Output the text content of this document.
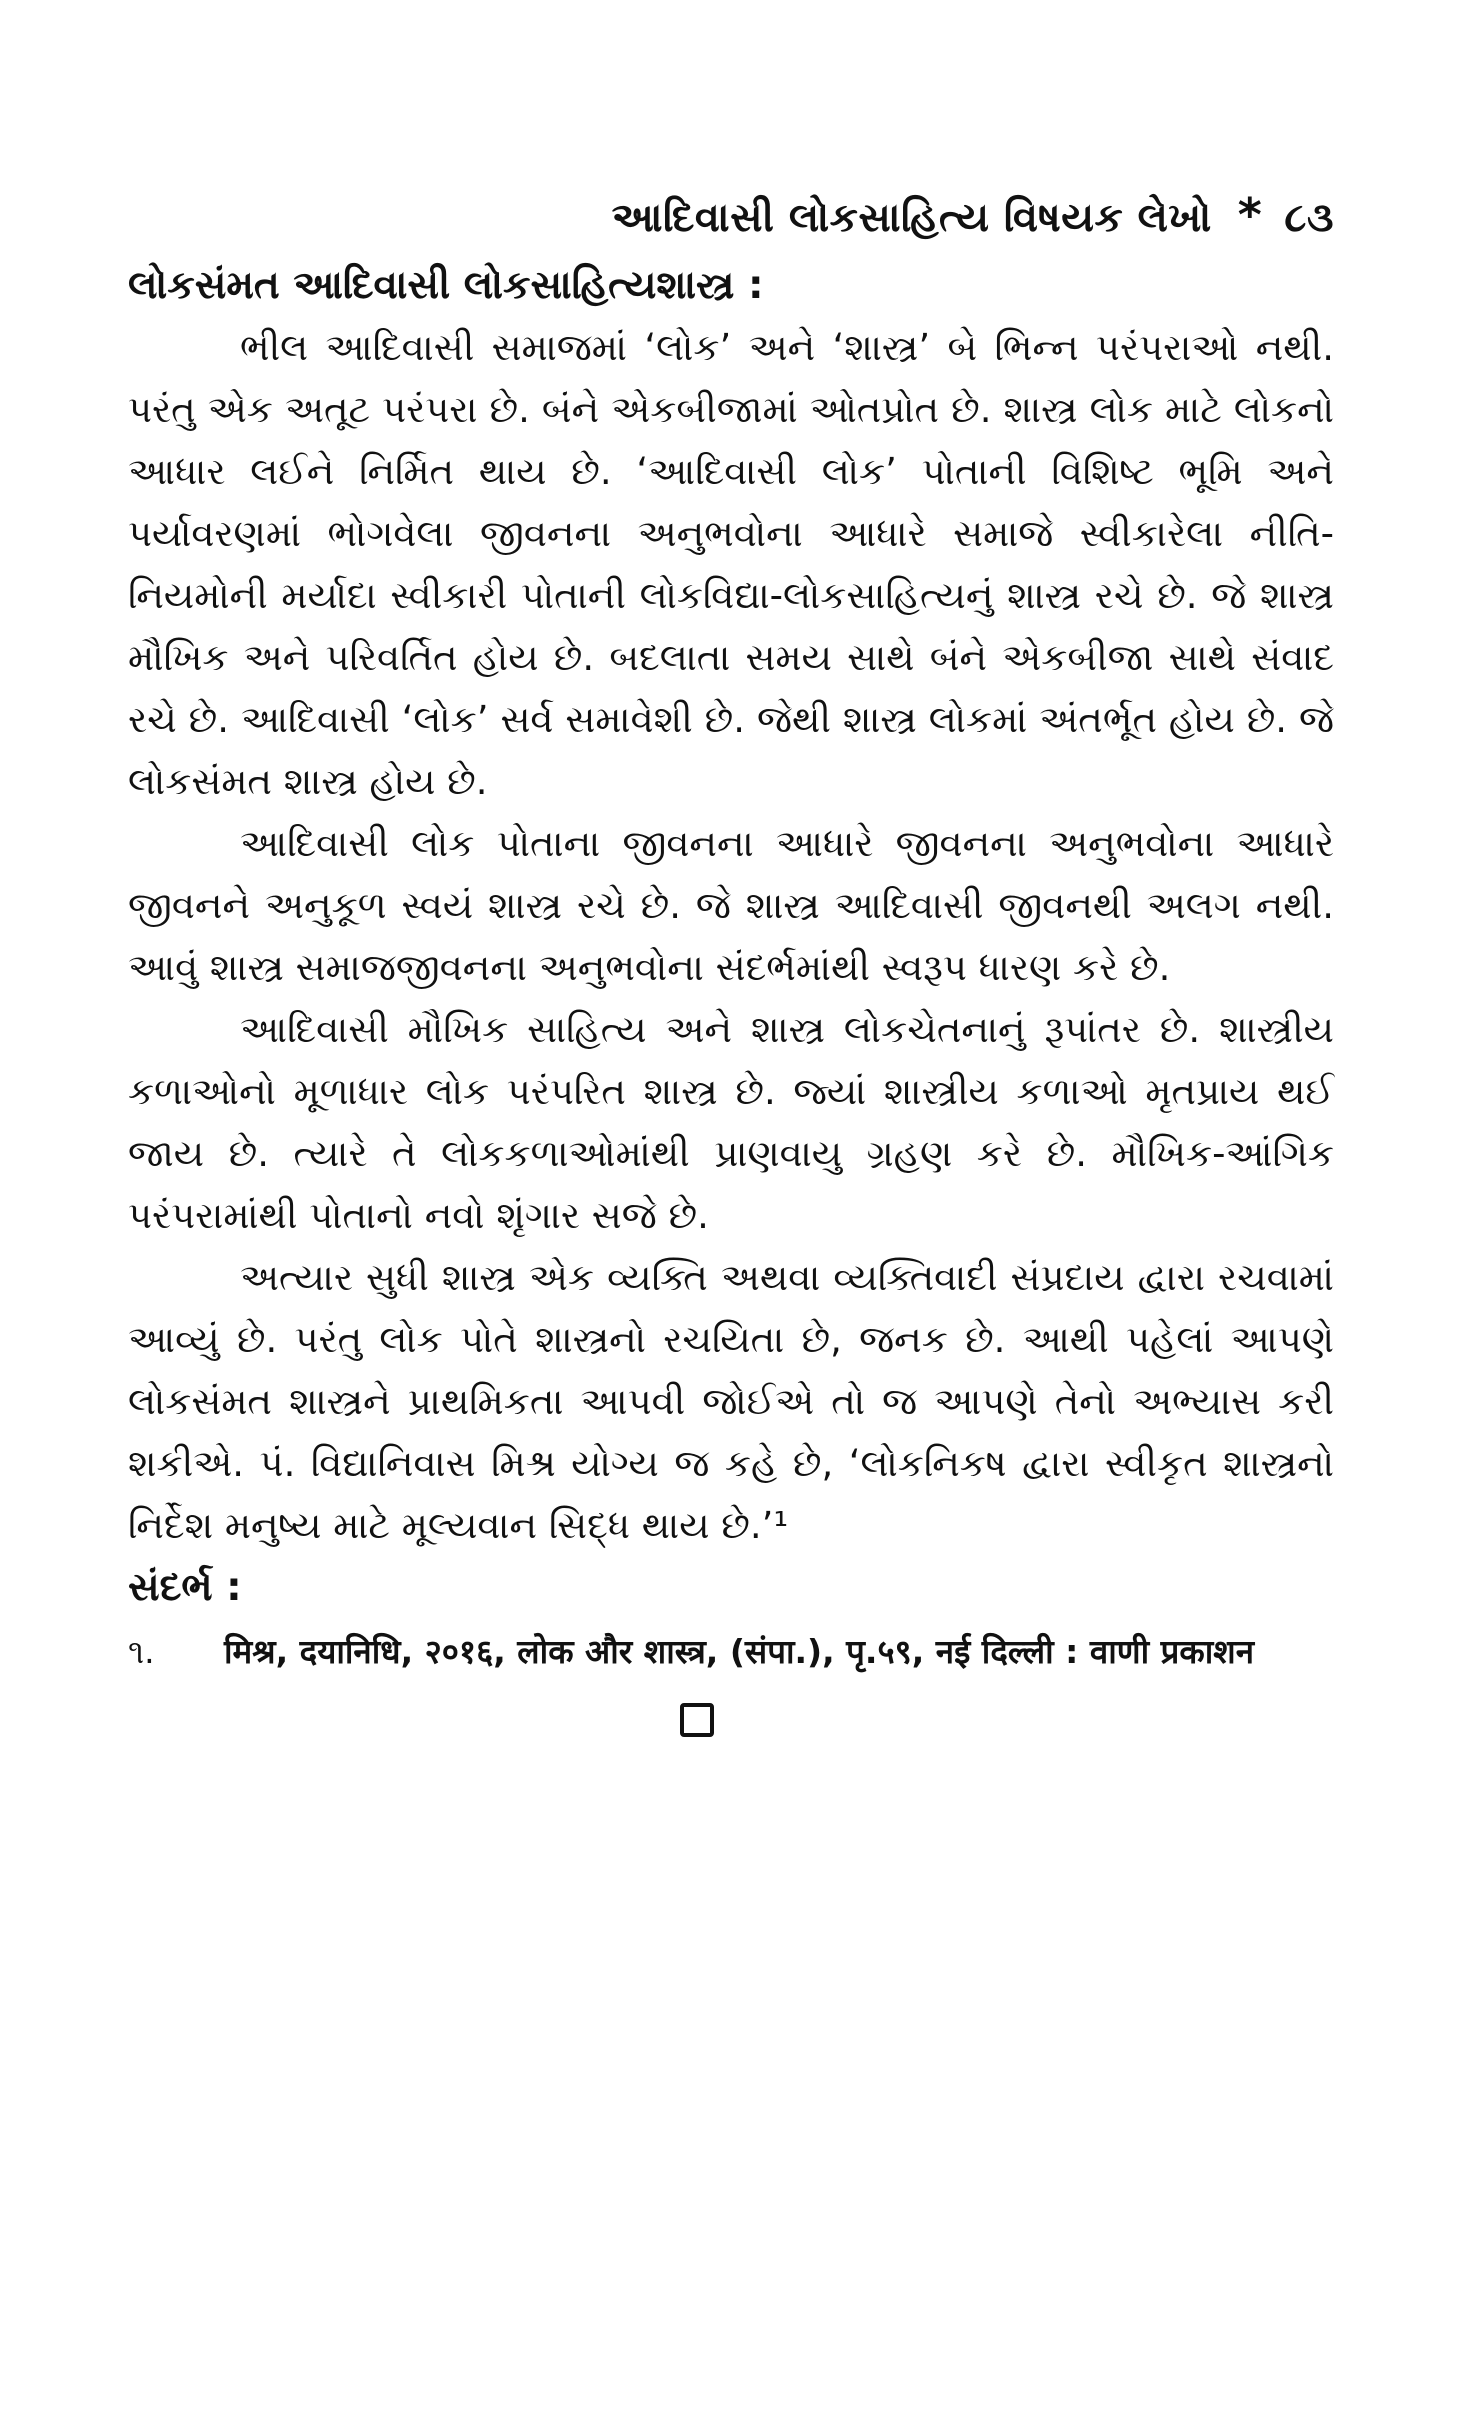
આદિવાસી લોકસાહિત્ય વિષયક લેખો * ૮૩

લોકસંમત આદિવાસી લોકસાહિત્યશાસ્ત્ર :

ભીલ આદિવાસી સમાજમાં ‘લોક’ અને ‘શાસ્ત્ર’ બે ભિન્ન પરંપરાઓ નથી. પરંતુ એક અતૂટ પરંપરા છે. બંને એકબીજામાં ઓતપ્રોત છે. શાસ્ત્ર લોક માટે લોકનો આધાર લઈને નિર્મિત થાય છે. ‘આદિવાસી લોક’ પોતાની વિશિષ્ટ ભૂમિ અને પર્યાવરણમાં ભોગવેલા જીવનના અનુભવોના આધારે સમાજે સ્વીકારેલા નીતિ-નિયમોની મર્યાદા સ્વીકારી પોતાની લોકવિદ્યા-લોકસાહિત્યનું શાસ્ત્ર રચે છે. જે શાસ્ત્ર મૌખિક અને પરિવર્તિત હોય છે. બદલાતા સમય સાથે બંને એકબીજા સાથે સંવાદ રચે છે. આદિવાસી ‘લોક’ સર્વ સમાવેશી છે. જેથી શાસ્ત્ર લોકમાં અંતર્ભૂત હોય છે. જે લોકસંમત શાસ્ત્ર હોય છે.

આદિવાસી લોક પોતાના જીવનના આધારે જીવનના અનુભવોના આધારે જીવનને અનુકૂળ સ્વયં શાસ્ત્ર રચે છે. જે શાસ્ત્ર આદિવાસી જીવનથી અલગ નથી. આવું શાસ્ત્ર સમાજજીવનના અનુભવોના સંદર્ભમાંથી સ્વરૂપ ધારણ કરે છે.

આદિવાસી મૌખિક સાહિત્ય અને શાસ્ત્ર લોકચેતનાનું રૂપાંતર છે. શાસ્ત્રીય કળાઓનો મૂળાધાર લોક પરંપરિત શાસ્ત્ર છે. જ્યાં શાસ્ત્રીય કળાઓ મૃતપ્રાય થઈ જાય છે. ત્યારે તે લોકકળાઓમાંથી પ્રાણવાયુ ગ્રહણ કરે છે. મૌખિક-આંગિક પરંપરામાંથી પોતાનો નવો શૃંગાર સજે છે.

અત્યાર સુધી શાસ્ત્ર એક વ્યક્તિ અથવા વ્યક્તિવાદી સંપ્રદાય દ્વારા રચવામાં આવ્યું છે. પરંતુ લોક પોતે શાસ્ત્રનો રચયિતા છે, જનક છે. આથી પહેલાં આપણે લોકસંમત શાસ્ત્રને પ્રાથમિકતા આપવી જોઈએ તો જ આપણે તેનો અભ્યાસ કરી શકીએ. પં. વિદ્યાનિવાસ મિશ્ર યોગ્ય જ કહે છે, ‘લોકનિકષ દ્વારા સ્વીકૃત શાસ્ત્રનો નિર્દેશ મનુષ્ય માટે મૂલ્યવાન સિદ્ધ થાય છે.’¹

સંદર્ભ :

૧.	मिश्र, दयानिधि, २०१६, लोक और शास्त्र, (संपा.), पृ.५९, नई दिल्ली : वाणी प्रकाशन
